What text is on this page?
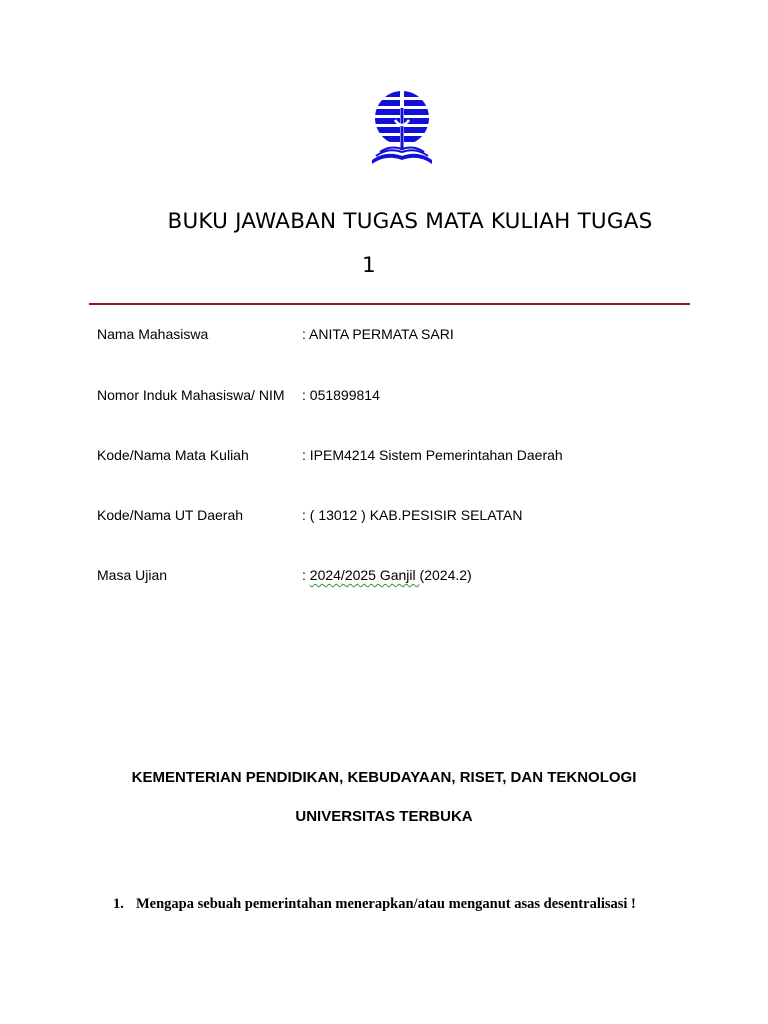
BUKU JAWABAN TUGAS MATA KULIAH TUGAS
1
Nama Mahasiswa	: ANITA PERMATA SARI
Nomor Induk Mahasiswa/ NIM : 051899814
Kode/Nama Mata Kuliah	: IPEM4214 Sistem Pemerintahan Daerah
Kode/Nama UT Daerah	: ( 13012 ) KAB.PESISIR SELATAN
Masa Ujian	: 2024/2025 Ganjil (2024.2)
KEMENTERIAN PENDIDIKAN, KEBUDAYAAN, RISET, DAN TEKNOLOGI
UNIVERSITAS TERBUKA
1. Mengapa sebuah pemerintahan menerapkan/atau menganut asas desentralisasi !
